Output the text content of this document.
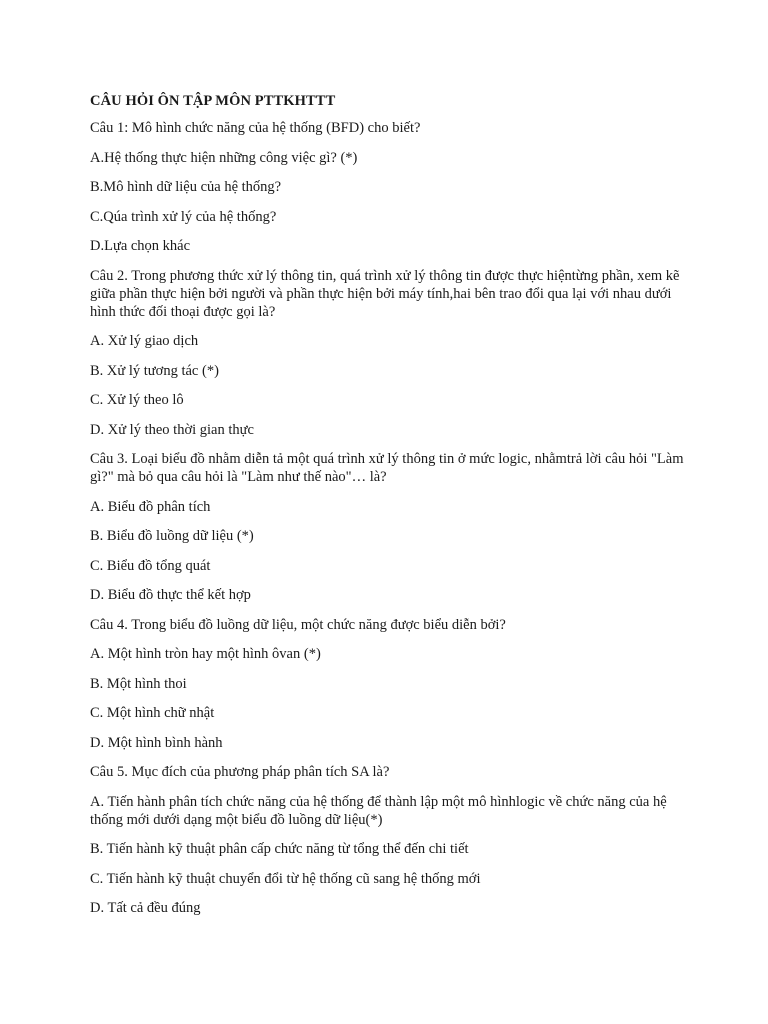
CÂU HỎI ÔN TẬP MÔN PTTKHTTT
Câu 1: Mô hình chức năng của hệ thống (BFD) cho biết?
A.Hệ thống thực hiện những công việc gì? (*)
B.Mô hình dữ liệu của hệ thống?
C.Qúa trình xử lý của hệ thống?
D.Lựa chọn khác
Câu 2. Trong phương thức xử lý thông tin, quá trình xử lý thông tin được thực hiệntừng phần, xem kẽ giữa phần thực hiện bởi người và phần thực hiện bởi máy tính,hai bên trao đổi qua lại với nhau dưới hình thức đối thoại được gọi là?
A. Xử lý giao dịch
B. Xử lý tương tác (*)
C. Xử lý theo lô
D. Xử lý theo thời gian thực
Câu 3. Loại biểu đồ nhằm diễn tả một quá trình xử lý thông tin ở mức logic, nhằmtrả lời câu hỏi "Làm gì?" mà bỏ qua câu hỏi là "Làm như thế nào"… là?
A. Biểu đồ phân tích
B. Biểu đồ luồng dữ liệu (*)
C. Biểu đồ tổng quát
D. Biểu đồ thực thể kết hợp
Câu 4. Trong biểu đồ luồng dữ liệu, một chức năng được biểu diễn bởi?
A. Một hình tròn hay một hình ôvan (*)
B. Một hình thoi
C. Một hình chữ nhật
D. Một hình bình hành
Câu 5. Mục đích của phương pháp phân tích SA là?
A. Tiến hành phân tích chức năng của hệ thống để thành lập một mô hìnhlogic về chức năng của hệ thống mới dưới dạng một biểu đồ luồng dữ liệu(*)
B. Tiến hành kỹ thuật phân cấp chức năng từ tổng thể đến chi tiết
C. Tiến hành kỹ thuật chuyển đổi từ hệ thống cũ sang hệ thống mới
D. Tất cả đều đúng
